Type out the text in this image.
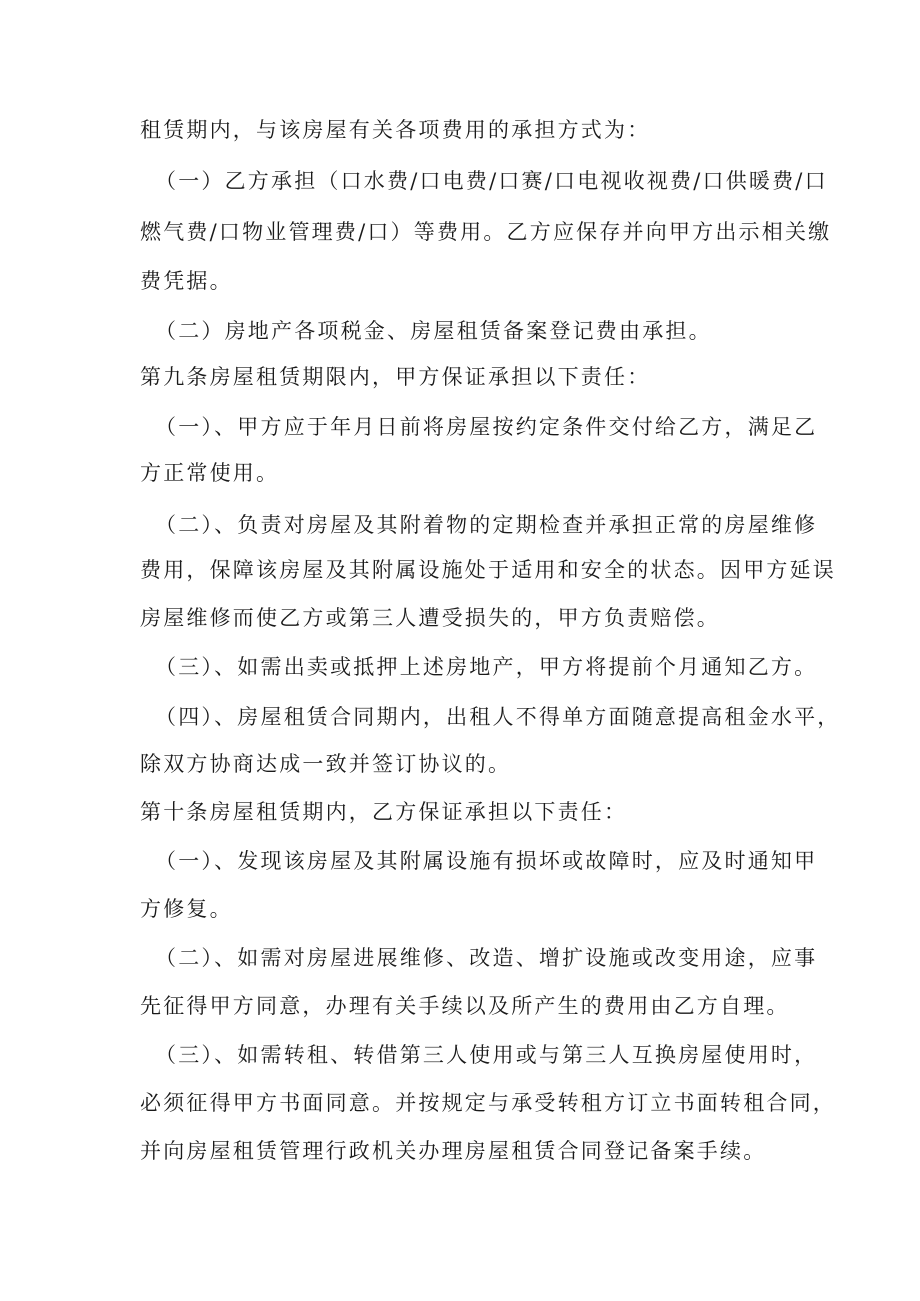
租赁期内，与该房屋有关各项费用的承担方式为：
（一）乙方承担（口水费/口电费/口赛/口电视收视费/口供暖费/口
燃气费/口物业管理费/口）等费用。乙方应保存并向甲方出示相关缴
费凭据。
（二）房地产各项税金、房屋租赁备案登记费由承担。
第九条房屋租赁期限内，甲方保证承担以下责任：
（一）、甲方应于年月日前将房屋按约定条件交付给乙方，满足乙
方正常使用。
（二）、负责对房屋及其附着物的定期检查并承担正常的房屋维修
费用，保障该房屋及其附属设施处于适用和安全的状态。因甲方延误
房屋维修而使乙方或第三人遭受损失的，甲方负责赔偿。
（三）、如需出卖或抵押上述房地产，甲方将提前个月通知乙方。
（四）、房屋租赁合同期内，出租人不得单方面随意提高租金水平，
除双方协商达成一致并签订协议的。
第十条房屋租赁期内，乙方保证承担以下责任：
（一）、发现该房屋及其附属设施有损坏或故障时，应及时通知甲
方修复。
（二）、如需对房屋进展维修、改造、增扩设施或改变用途，应事
先征得甲方同意，办理有关手续以及所产生的费用由乙方自理。
（三）、如需转租、转借第三人使用或与第三人互换房屋使用时，
必须征得甲方书面同意。并按规定与承受转租方订立书面转租合同，
并向房屋租赁管理行政机关办理房屋租赁合同登记备案手续。
